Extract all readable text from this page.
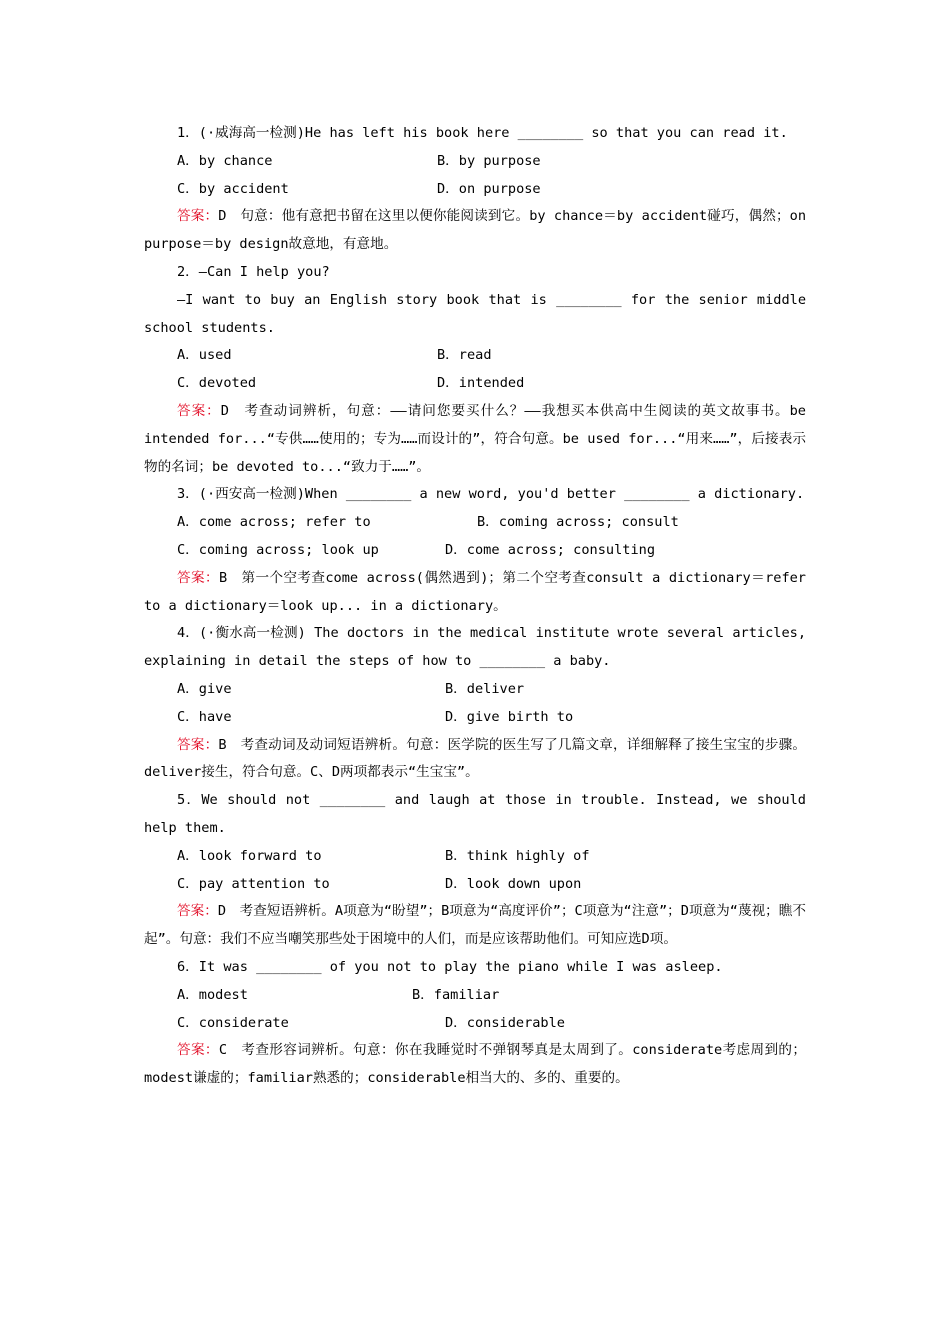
1．(·威海高一检测)He has left his book here ________ so that you can read it.

A．by chance	B．by purpose
C．by accident	D．on purpose

答案：D　句意：他有意把书留在这里以便你能阅读到它。by chance＝by accident碰巧，偶然；on purpose＝by design故意地，有意地。

2．—Can I help you?

—I want to buy an English story book that is ________ for the senior middle school students.

A．used	B．read
C．devoted	D．intended

答案：D　考查动词辨析，句意：——请问您要买什么？——我想买本供高中生阅读的英文故事书。be intended for...“专供……使用的；专为……而设计的”，符合句意。be used for...“用来……”，后接表示物的名词；be devoted to...“致力于……”。

3．(·西安高一检测)When ________ a new word, you'd better ________ a dictionary.

A．come across; refer to	B．coming across; consult
C．coming across; look up	D．come across; consulting

答案：B　第一个空考查come across(偶然遇到)；第二个空考查consult a dictionary＝refer to a dictionary＝look up... in a dictionary。

4．(·衡水高一检测) The doctors in the medical institute wrote several articles, explaining in detail the steps of how to ________ a baby.

A．give	B．deliver
C．have	D．give birth to

答案：B　考查动词及动词短语辨析。句意：医学院的医生写了几篇文章，详细解释了接生宝宝的步骤。deliver接生，符合句意。C、D两项都表示“生宝宝”。

5．We should not ________ and laugh at those in trouble. Instead, we should help them.

A．look forward to	B．think highly of
C．pay attention to	D．look down upon

答案：D　考查短语辨析。A项意为“盼望”；B项意为“高度评价”；C项意为“注意”；D项意为“蔑视；瞧不起”。句意：我们不应当嘲笑那些处于困境中的人们，而是应该帮助他们。可知应选D项。

6．It was ________ of you not to play the piano while I was asleep.

A．modest	B．familiar
C．considerate	D．considerable

答案：C　考查形容词辨析。句意：你在我睡觉时不弹钢琴真是太周到了。considerate考虑周到的；modest谦虚的；familiar熟悉的；considerable相当大的、多的、重要的。
